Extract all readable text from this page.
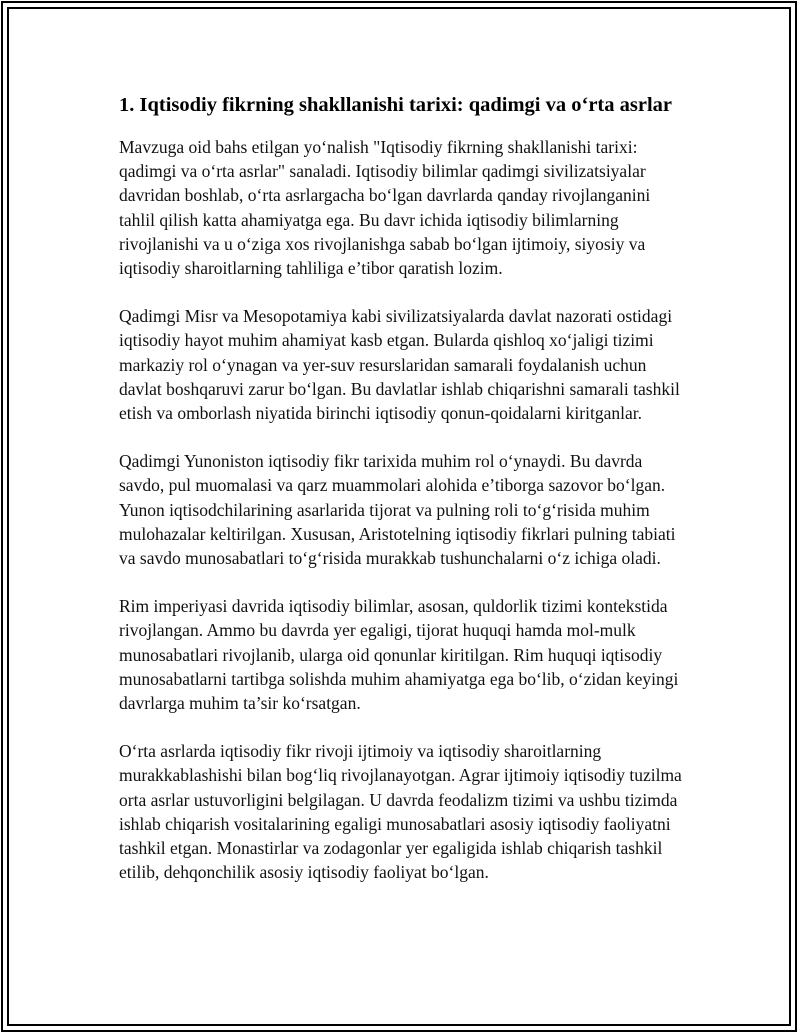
1. Iqtisodiy fikrning shakllanishi tarixi: qadimgi va o‘rta asrlar

Mavzuga oid bahs etilgan yo‘nalish "Iqtisodiy fikrning shakllanishi tarixi: qadimgi va o‘rta asrlar" sanaladi. Iqtisodiy bilimlar qadimgi sivilizatsiyalar davridan boshlab, o‘rta asrlargacha bo‘lgan davrlarda qanday rivojlanganini tahlil qilish katta ahamiyatga ega. Bu davr ichida iqtisodiy bilimlarning rivojlanishi va u o‘ziga xos rivojlanishga sabab bo‘lgan ijtimoiy, siyosiy va iqtisodiy sharoitlarning tahliliga e’tibor qaratish lozim.

Qadimgi Misr va Mesopotamiya kabi sivilizatsiyalarda davlat nazorati ostidagi iqtisodiy hayot muhim ahamiyat kasb etgan. Bularda qishloq xo‘jaligi tizimi markaziy rol o‘ynagan va yer-suv resurslaridan samarali foydalanish uchun davlat boshqaruvi zarur bo‘lgan. Bu davlatlar ishlab chiqarishni samarali tashkil etish va omborlash niyatida birinchi iqtisodiy qonun-qoidalarni kiritganlar.

Qadimgi Yunoniston iqtisodiy fikr tarixida muhim rol o‘ynaydi. Bu davrda savdo, pul muomalasi va qarz muammolari alohida e’tiborga sazovor bo‘lgan. Yunon iqtisodchilarining asarlarida tijorat va pulning roli to‘g‘risida muhim mulohazalar keltirilgan. Xususan, Aristotelning iqtisodiy fikrlari pulning tabiati va savdo munosabatlari to‘g‘risida murakkab tushunchalarni o‘z ichiga oladi.

Rim imperiyasi davrida iqtisodiy bilimlar, asosan, quldorlik tizimi kontekstida rivojlangan. Ammo bu davrda yer egaligi, tijorat huquqi hamda mol-mulk munosabatlari rivojlanib, ularga oid qonunlar kiritilgan. Rim huquqi iqtisodiy munosabatlarni tartibga solishda muhim ahamiyatga ega bo‘lib, o‘zidan keyingi davrlarga muhim ta’sir ko‘rsatgan.

O‘rta asrlarda iqtisodiy fikr rivoji ijtimoiy va iqtisodiy sharoitlarning murakkablashishi bilan bog‘liq rivojlanayotgan. Agrar ijtimoiy iqtisodiy tuzilma orta asrlar ustuvorligini belgilagan. U davrda feodalizm tizimi va ushbu tizimda ishlab chiqarish vositalarining egaligi munosabatlari asosiy iqtisodiy faoliyatni tashkil etgan. Monastirlar va zodagonlar yer egaligida ishlab chiqarish tashkil etilib, dehqonchilik asosiy iqtisodiy faoliyat bo‘lgan.
